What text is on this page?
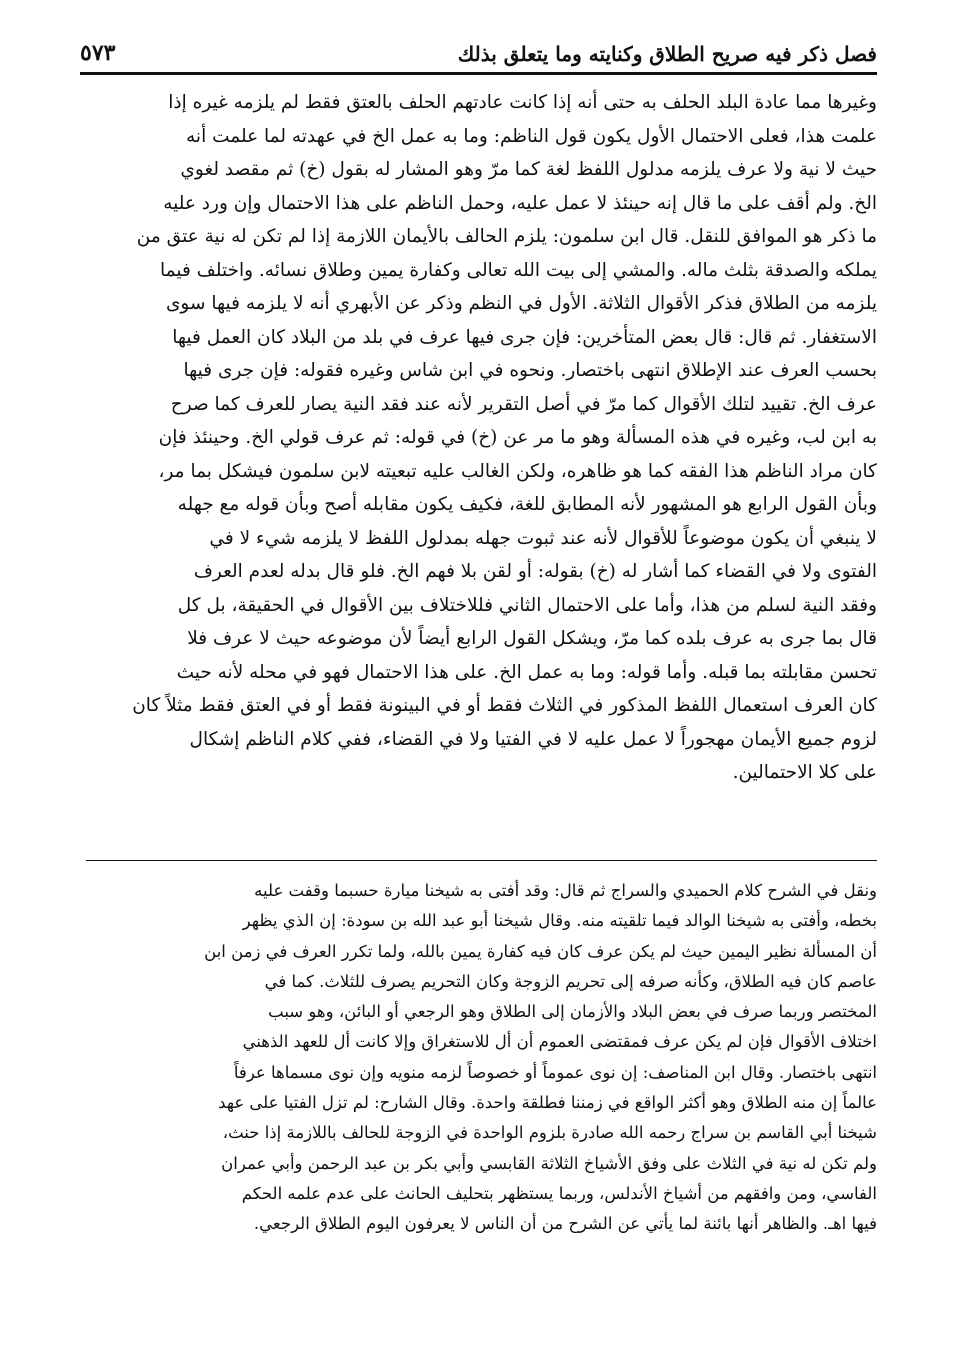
فصل ذكر فيه صريح الطلاق وكنايته وما يتعلق بذلك
٥٧٣
وغيرها مما عادة البلد الحلف به حتى أنه إذا كانت عادتهم الحلف بالعتق فقط لم يلزمه غيره إذا
علمت هذا، فعلى الاحتمال الأول يكون قول الناظم: وما به عمل الخ في عهدته لما علمت أنه
حيث لا نية ولا عرف يلزمه مدلول اللفظ لغة كما مرّ وهو المشار له بقول (خ) ثم مقصد لغوي
الخ. ولم أقف على ما قال إنه حينئذ لا عمل عليه، وحمل الناظم على هذا الاحتمال وإن ورد عليه
ما ذكر هو الموافق للنقل. قال ابن سلمون: يلزم الحالف بالأيمان اللازمة إذا لم تكن له نية عتق من
يملكه والصدقة بثلث ماله. والمشي إلى بيت الله تعالى وكفارة يمين وطلاق نسائه. واختلف فيما
يلزمه من الطلاق فذكر الأقوال الثلاثة. الأول في النظم وذكر عن الأبهري أنه لا يلزمه فيها سوى
الاستغفار. ثم قال: قال بعض المتأخرين: فإن جرى فيها عرف في بلد من البلاد كان العمل فيها
بحسب العرف عند الإطلاق انتهى باختصار. ونحوه في ابن شاس وغيره فقوله: فإن جرى فيها
عرف الخ. تقييد لتلك الأقوال كما مرّ في أصل التقرير لأنه عند فقد النية يصار للعرف كما صرح
به ابن لب، وغيره في هذه المسألة وهو ما مر عن (خ) في قوله: ثم عرف قولي الخ. وحينئذ فإن
كان مراد الناظم هذا الفقه كما هو ظاهره، ولكن الغالب عليه تبعيته لابن سلمون فيشكل بما مر،
وبأن القول الرابع هو المشهور لأنه المطابق للغة، فكيف يكون مقابله أصح وبأن قوله مع جهله
لا ينبغي أن يكون موضوعاً للأقوال لأنه عند ثبوت جهله بمدلول اللفظ لا يلزمه شيء لا في
الفتوى ولا في القضاء كما أشار له (خ) بقوله: أو لقن بلا فهم الخ. فلو قال بدله لعدم العرف
وفقد النية لسلم من هذا، وأما على الاحتمال الثاني فللاختلاف بين الأقوال في الحقيقة، بل كل
قال بما جرى به عرف بلده كما مرّ، ويشكل القول الرابع أيضاً لأن موضوعه حيث لا عرف فلا
تحسن مقابلته بما قبله. وأما قوله: وما به عمل الخ. على هذا الاحتمال فهو في محله لأنه حيث
كان العرف استعمال اللفظ المذكور في الثلاث فقط أو في البينونة فقط أو في العتق فقط مثلاً كان
لزوم جميع الأيمان مهجوراً لا عمل عليه لا في الفتيا ولا في القضاء، ففي كلام الناظم إشكال
على كلا الاحتمالين.
ونقل في الشرح كلام الحميدي والسراج ثم قال: وقد أفتى به شيخنا ميارة حسبما وقفت عليه
بخطه، وأفتى به شيخنا الوالد فيما تلقيته منه. وقال شيخنا أبو عبد الله بن سودة: إن الذي يظهر
أن المسألة نظير اليمين حيث لم يكن عرف كان فيه كفارة يمين بالله، ولما تكرر العرف في زمن ابن
عاصم كان فيه الطلاق، وكأنه صرفه إلى تحريم الزوجة وكان التحريم يصرف للثلاث. كما في
المختصر وربما صرف في بعض البلاد والأزمان إلى الطلاق وهو الرجعي أو البائن، وهو سبب
اختلاف الأقوال فإن لم يكن عرف فمقتضى العموم أن أل للاستغراق وإلا كانت أل للعهد الذهني
انتهى باختصار. وقال ابن المناصف: إن نوى عموماً أو خصوصاً لزمه منويه وإن نوى مسماها عرفاً
عالماً إن منه الطلاق وهو أكثر الواقع في زمننا فطلقة واحدة. وقال الشارح: لم تزل الفتيا على عهد
شيخنا أبي القاسم بن سراج رحمه الله صادرة بلزوم الواحدة في الزوجة للحالف باللازمة إذا حنث،
ولم تكن له نية في الثلاث على وفق الأشياخ الثلاثة القابسي وأبي بكر بن عبد الرحمن وأبي عمران
الفاسي، ومن وافقهم من أشياخ الأندلس، وربما يستظهر بتحليف الحانث على عدم علمه الحكم
فيها اهـ. والظاهر أنها بائنة لما يأتي عن الشرح من أن الناس لا يعرفون اليوم الطلاق الرجعي.
